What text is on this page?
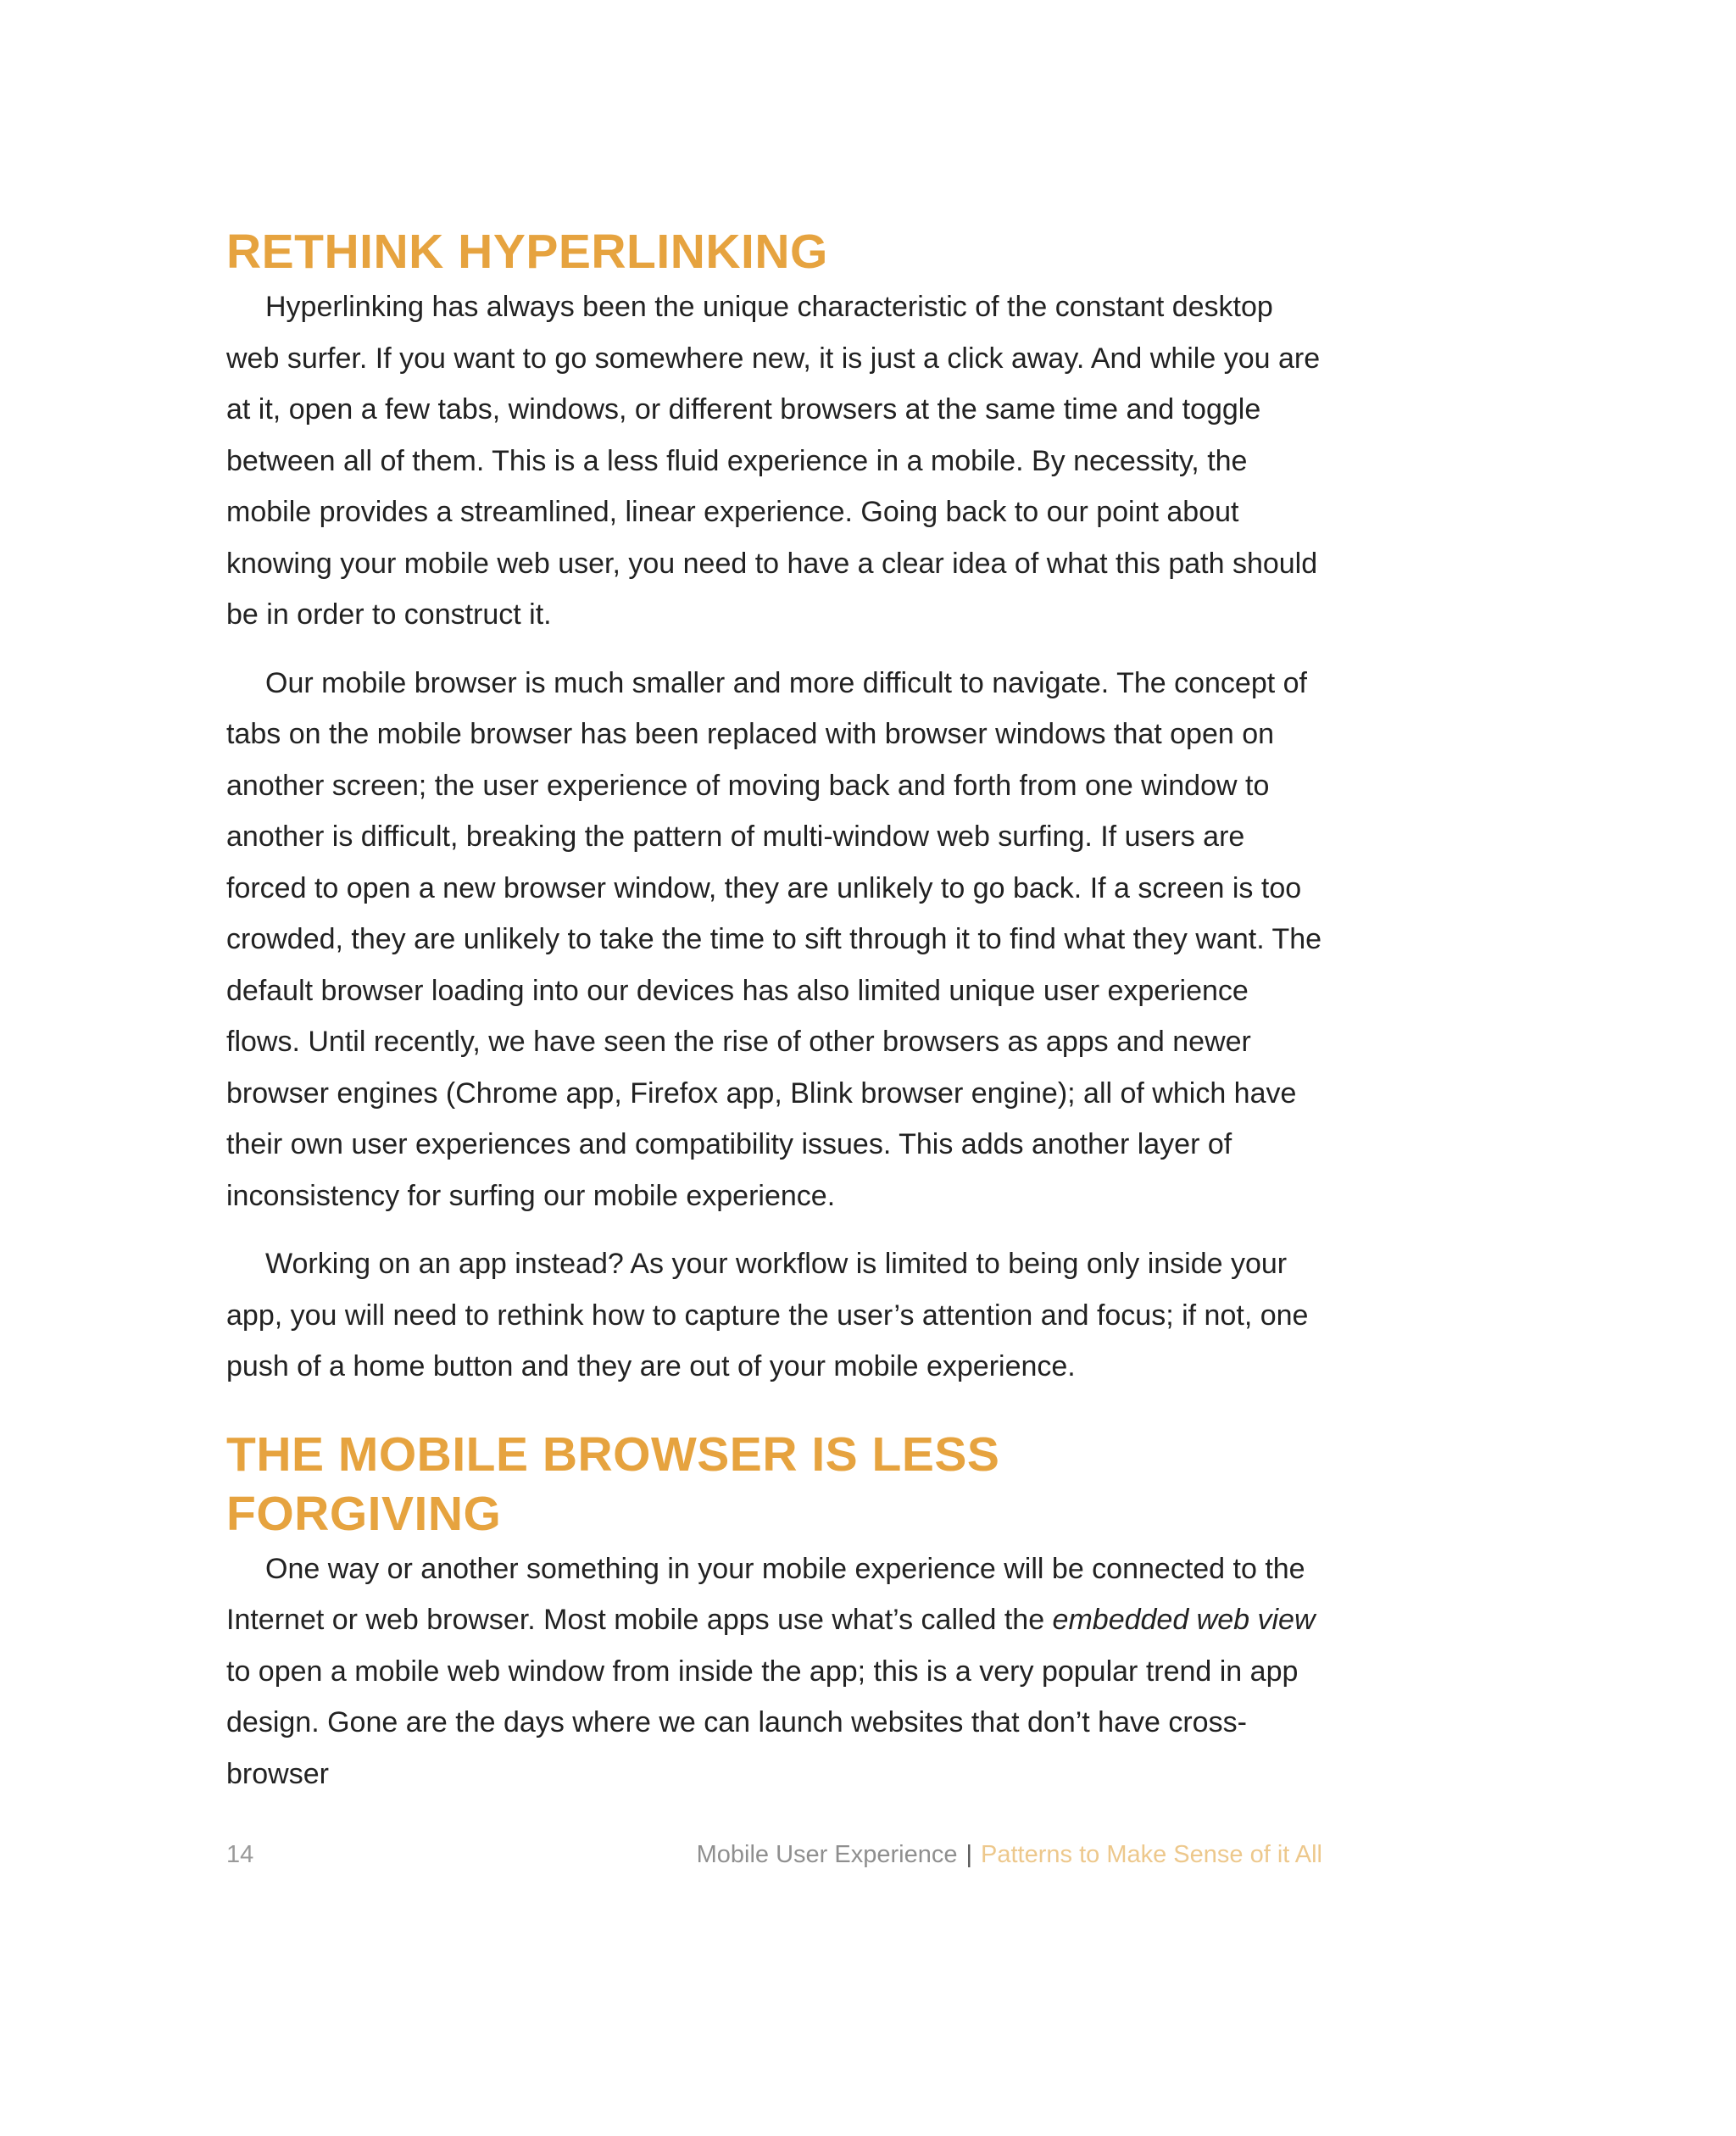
RETHINK HYPERLINKING

Hyperlinking has always been the unique characteristic of the constant desktop web surfer. If you want to go somewhere new, it is just a click away. And while you are at it, open a few tabs, windows, or different browsers at the same time and toggle between all of them. This is a less fluid experience in a mobile. By necessity, the mobile provides a streamlined, linear experience. Going back to our point about knowing your mobile web user, you need to have a clear idea of what this path should be in order to construct it.

Our mobile browser is much smaller and more difficult to navigate. The concept of tabs on the mobile browser has been replaced with browser windows that open on another screen; the user experience of moving back and forth from one window to another is difficult, breaking the pattern of multi-window web surfing. If users are forced to open a new browser window, they are unlikely to go back. If a screen is too crowded, they are unlikely to take the time to sift through it to find what they want. The default browser loading into our devices has also limited unique user experience flows. Until recently, we have seen the rise of other browsers as apps and newer browser engines (Chrome app, Firefox app, Blink browser engine); all of which have their own user experiences and compatibility issues. This adds another layer of inconsistency for surfing our mobile experience.

Working on an app instead? As your workflow is limited to being only inside your app, you will need to rethink how to capture the user’s attention and focus; if not, one push of a home button and they are out of your mobile experience.

THE MOBILE BROWSER IS LESS
FORGIVING

One way or another something in your mobile experience will be connected to the Internet or web browser. Most mobile apps use what’s called the embedded web view to open a mobile web window from inside the app; this is a very popular trend in app design. Gone are the days where we can launch websites that don’t have cross-browser

14	Mobile User Experience | Patterns to Make Sense of it All
